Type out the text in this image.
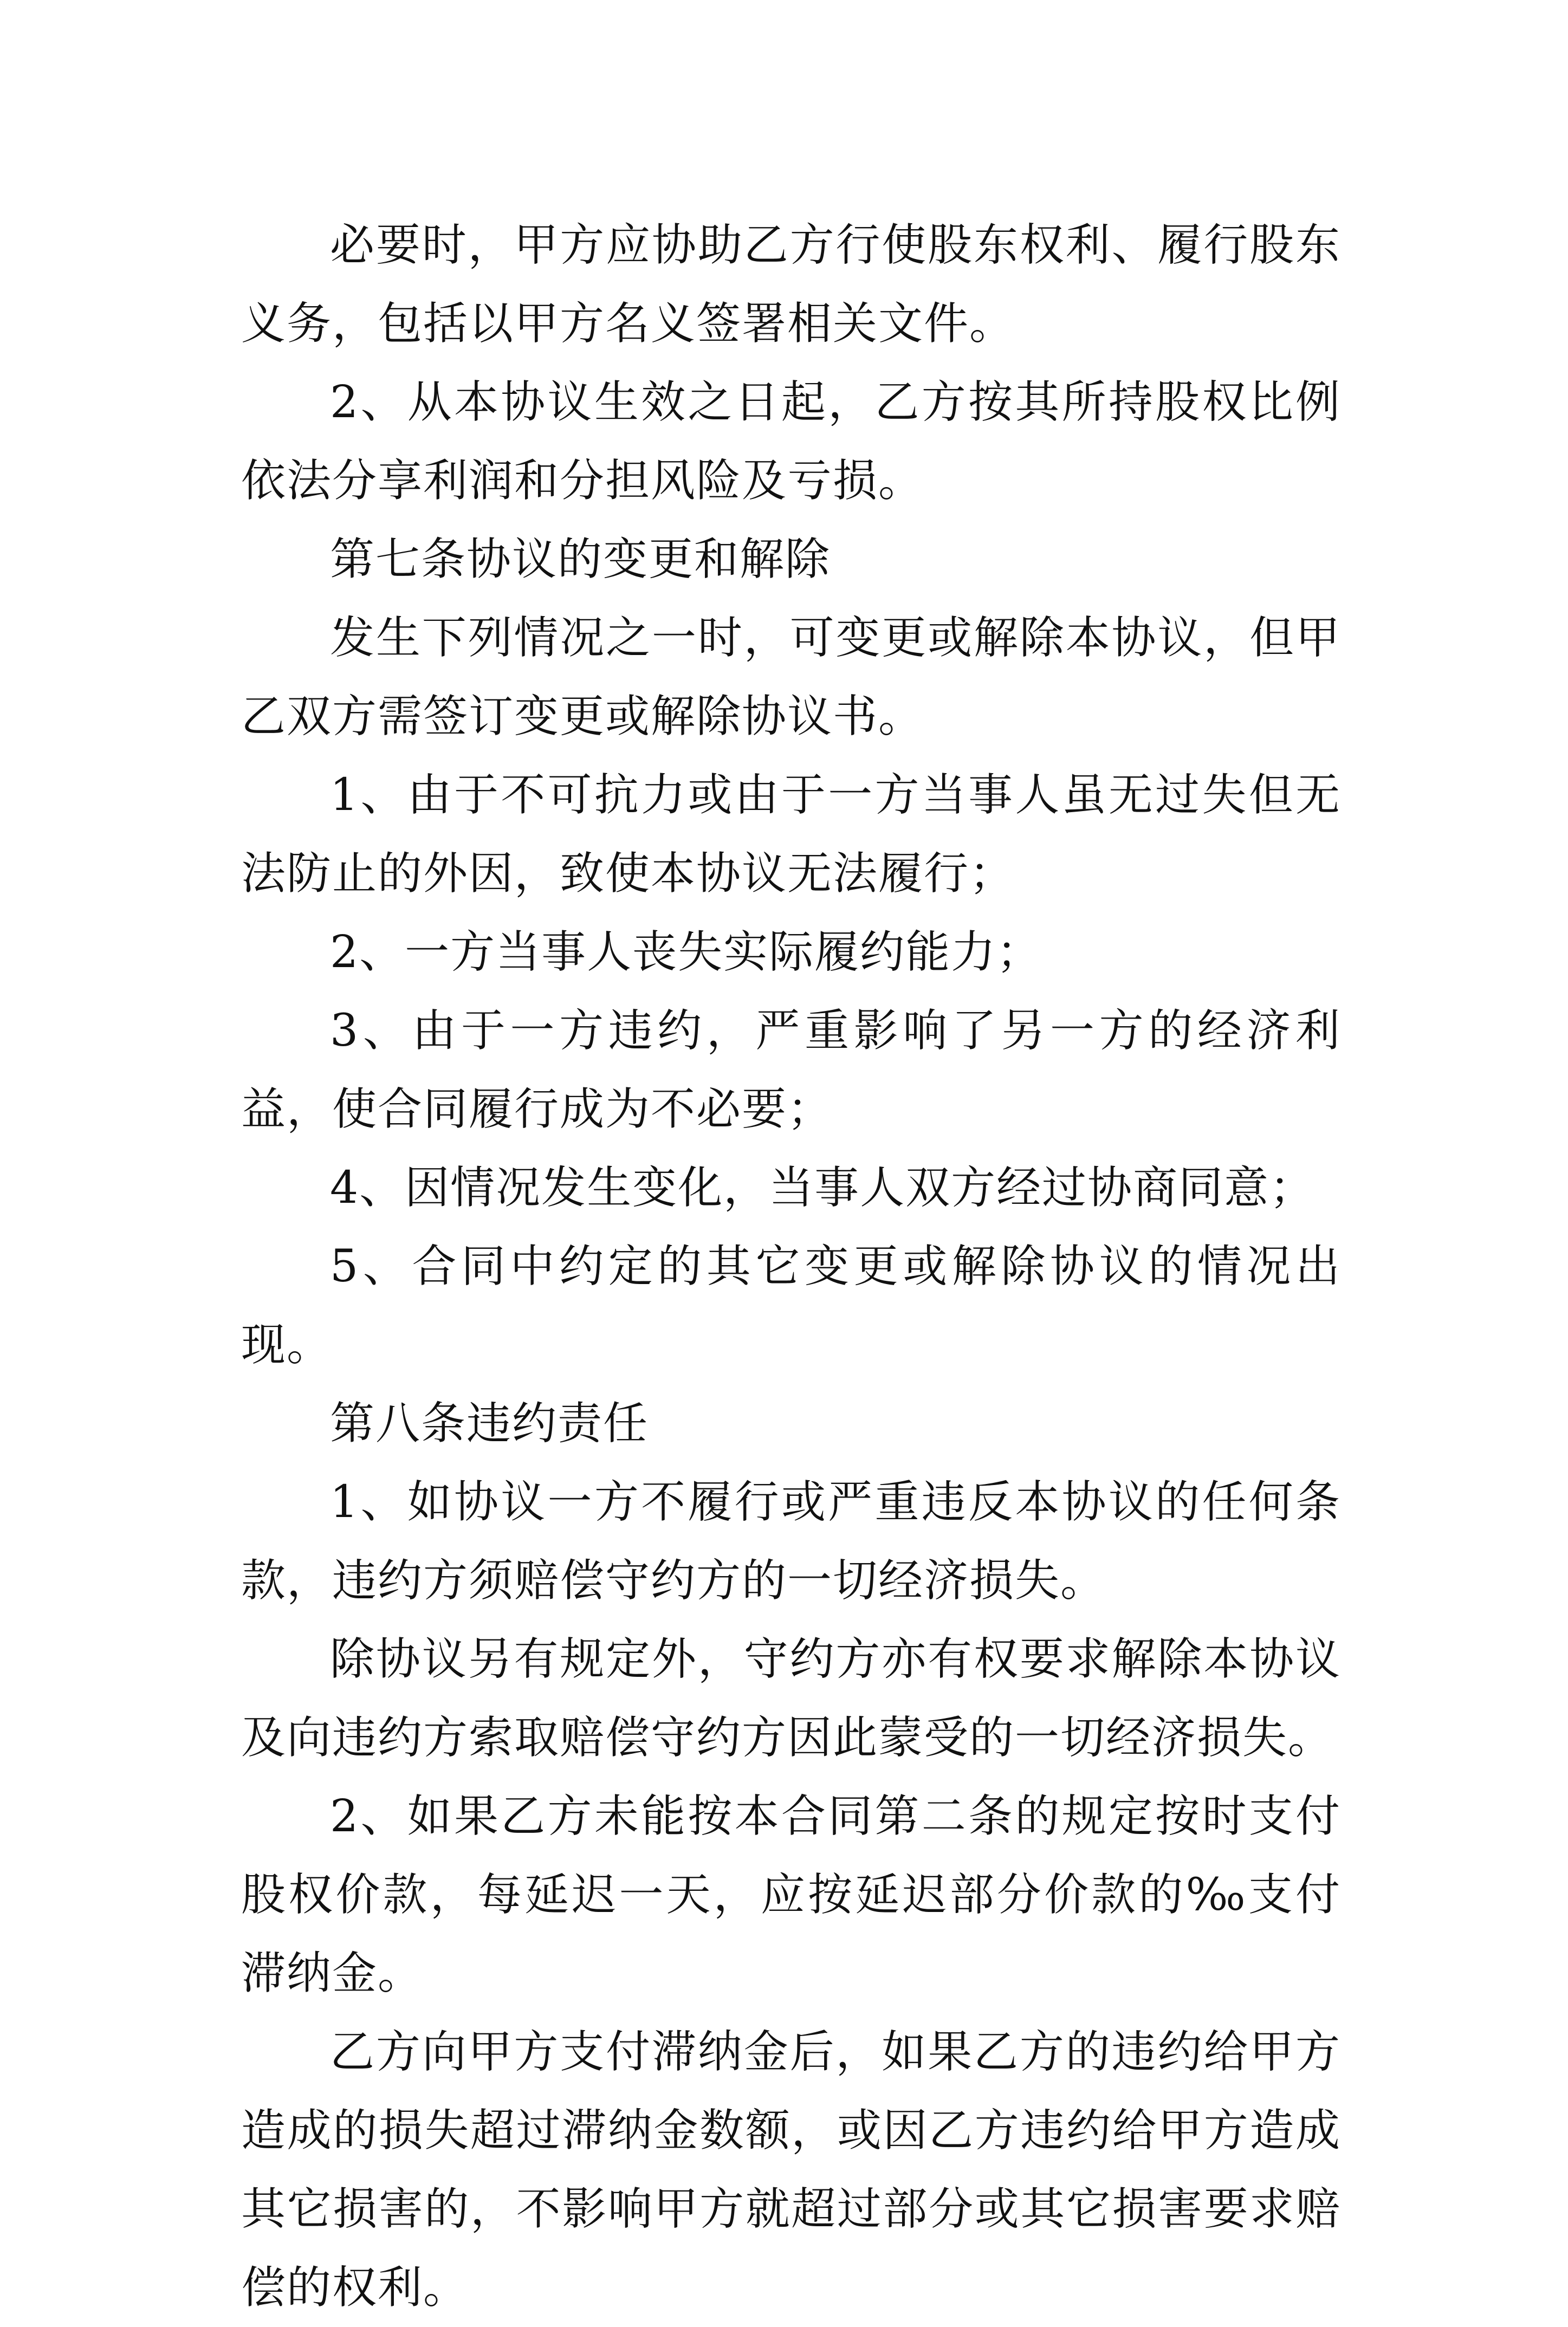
必要时，甲方应协助乙方行使股东权利、履行股东义务，包括以甲方名义签署相关文件。

2、从本协议生效之日起，乙方按其所持股权比例依法分享利润和分担风险及亏损。

第七条协议的变更和解除

发生下列情况之一时，可变更或解除本协议，但甲乙双方需签订变更或解除协议书。

1、由于不可抗力或由于一方当事人虽无过失但无法防止的外因，致使本协议无法履行；

2、一方当事人丧失实际履约能力；

3、由于一方违约，严重影响了另一方的经济利益，使合同履行成为不必要；

4、因情况发生变化，当事人双方经过协商同意；

5、合同中约定的其它变更或解除协议的情况出现。

第八条违约责任

1、如协议一方不履行或严重违反本协议的任何条款，违约方须赔偿守约方的一切经济损失。

除协议另有规定外，守约方亦有权要求解除本协议及向违约方索取赔偿守约方因此蒙受的一切经济损失。

2、如果乙方未能按本合同第二条的规定按时支付股权价款，每延迟一天，应按延迟部分价款的‰支付滞纳金。

乙方向甲方支付滞纳金后，如果乙方的违约给甲方造成的损失超过滞纳金数额，或因乙方违约给甲方造成其它损害的，不影响甲方就超过部分或其它损害要求赔偿的权利。
